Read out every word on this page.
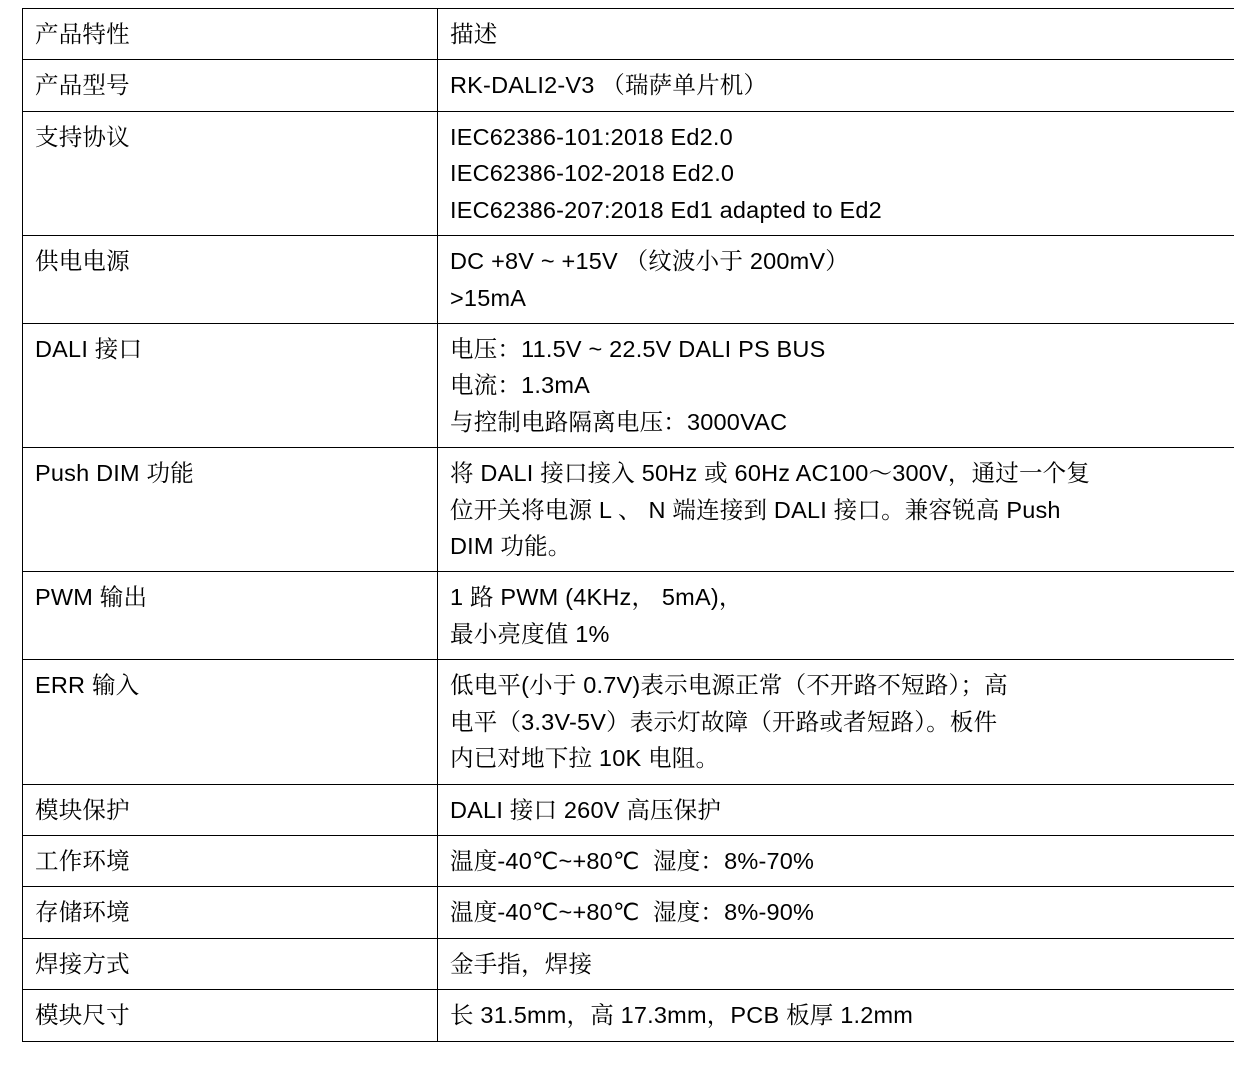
产品特性	描述

产品型号	RK-DALI2-V3 （瑞萨单片机）

支持协议	IEC62386-101:2018 Ed2.0
IEC62386-102-2018 Ed2.0
IEC62386-207:2018 Ed1 adapted to Ed2

供电电源	DC +8V ~ +15V （纹波小于 200mV）
>15mA

DALI 接口	电压：11.5V ~ 22.5V DALI PS BUS
电流：1.3mA
与控制电路隔离电压：3000VAC

Push DIM 功能	将 DALI 接口接入 50Hz 或 60Hz AC100～300V，通过一个复
位开关将电源 L 、 N 端连接到 DALI 接口。兼容锐高 Push
DIM 功能。

PWM 输出	1 路 PWM (4KHz， 5mA)，
最小亮度值 1%

ERR 输入	低电平(小于 0.7V)表示电源正常（不开路不短路）；高
电平（3.3V-5V）表示灯故障（开路或者短路）。板件
内已对地下拉 10K 电阻。

模块保护	DALI 接口 260V 高压保护

工作环境	温度-40℃~+80℃  湿度：8%-70%

存储环境	温度-40℃~+80℃  湿度：8%-90%

焊接方式	金手指，焊接

模块尺寸	长 31.5mm，高 17.3mm，PCB 板厚 1.2mm
